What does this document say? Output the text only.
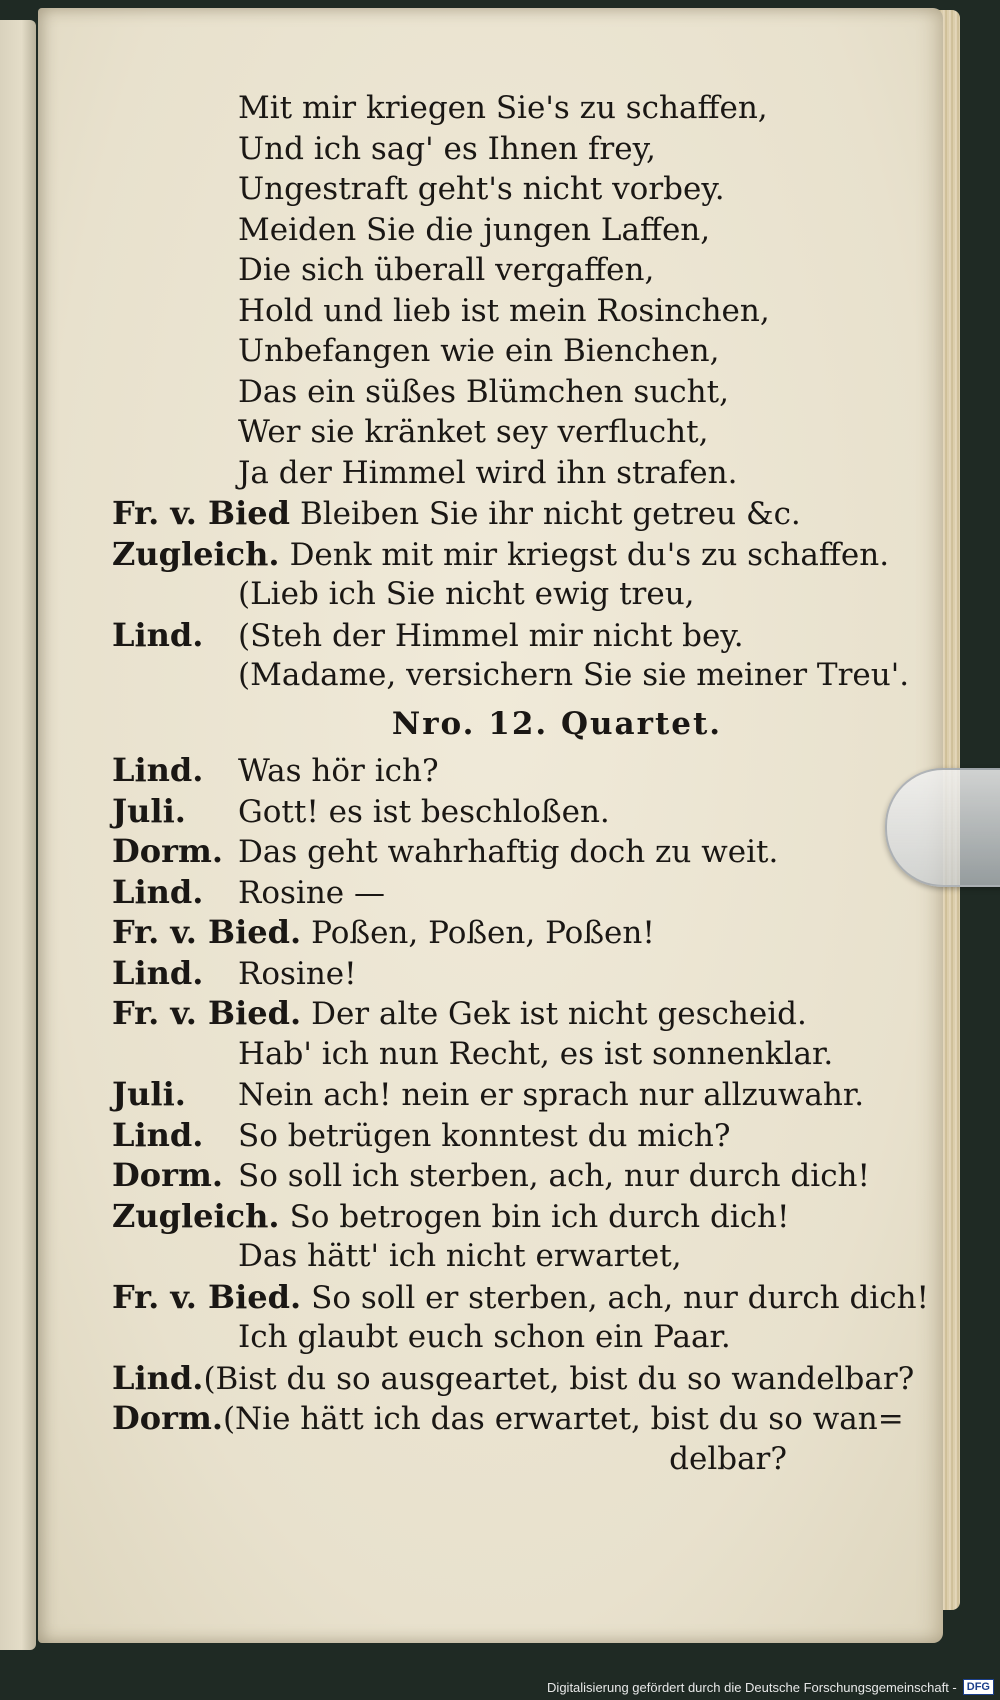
Mit mir kriegen Sie's zu schaffen,
Und ich sag' es Ihnen frey,
Ungestraft geht's nicht vorbey.
Meiden Sie die jungen Laffen,
Die sich überall vergaffen,
Hold und lieb ist mein Rosinchen,
Unbefangen wie ein Bienchen,
Das ein süßes Blümchen sucht,
Wer sie kränket sey verflucht,
Ja der Himmel wird ihn strafen.
Fr. v. Bied Bleiben Sie ihr nicht getreu &c.
Zugleich. Denk mit mir kriegst du's zu schaffen.
(Lieb ich Sie nicht ewig treu,
Lind.	(Steh der Himmel mir nicht bey.
(Madame, versichern Sie sie meiner Treu'.
Nro. 12. Quartet.
Lind.	Was hör ich?
Juli.	Gott! es ist beschloßen.
Dorm. Das geht wahrhaftig doch zu weit.
Lind.	Rosine —
Fr. v. Bied. Poßen, Poßen, Poßen!
Lind.	Rosine!
Fr. v. Bied. Der alte Gek ist nicht gescheid.
Hab' ich nun Recht, es ist sonnenklar.
Juli.	Nein ach! nein er sprach nur allzuwahr.
Lind.	So betrügen konntest du mich?
Dorm. So soll ich sterben, ach, nur durch dich!
Zugleich. So betrogen bin ich durch dich!
Das hätt' ich nicht erwartet,
Fr. v. Bied. So soll er sterben, ach, nur durch dich!
Ich glaubt euch schon ein Paar.
Lind. (Bist du so ausgeartet, bist du so wandelbar?
Dorm. (Nie hätt ich das erwartet, bist du so wan=
delbar?
Digitalisierung gefördert durch die Deutsche Forschungsgemeinschaft - DFG
